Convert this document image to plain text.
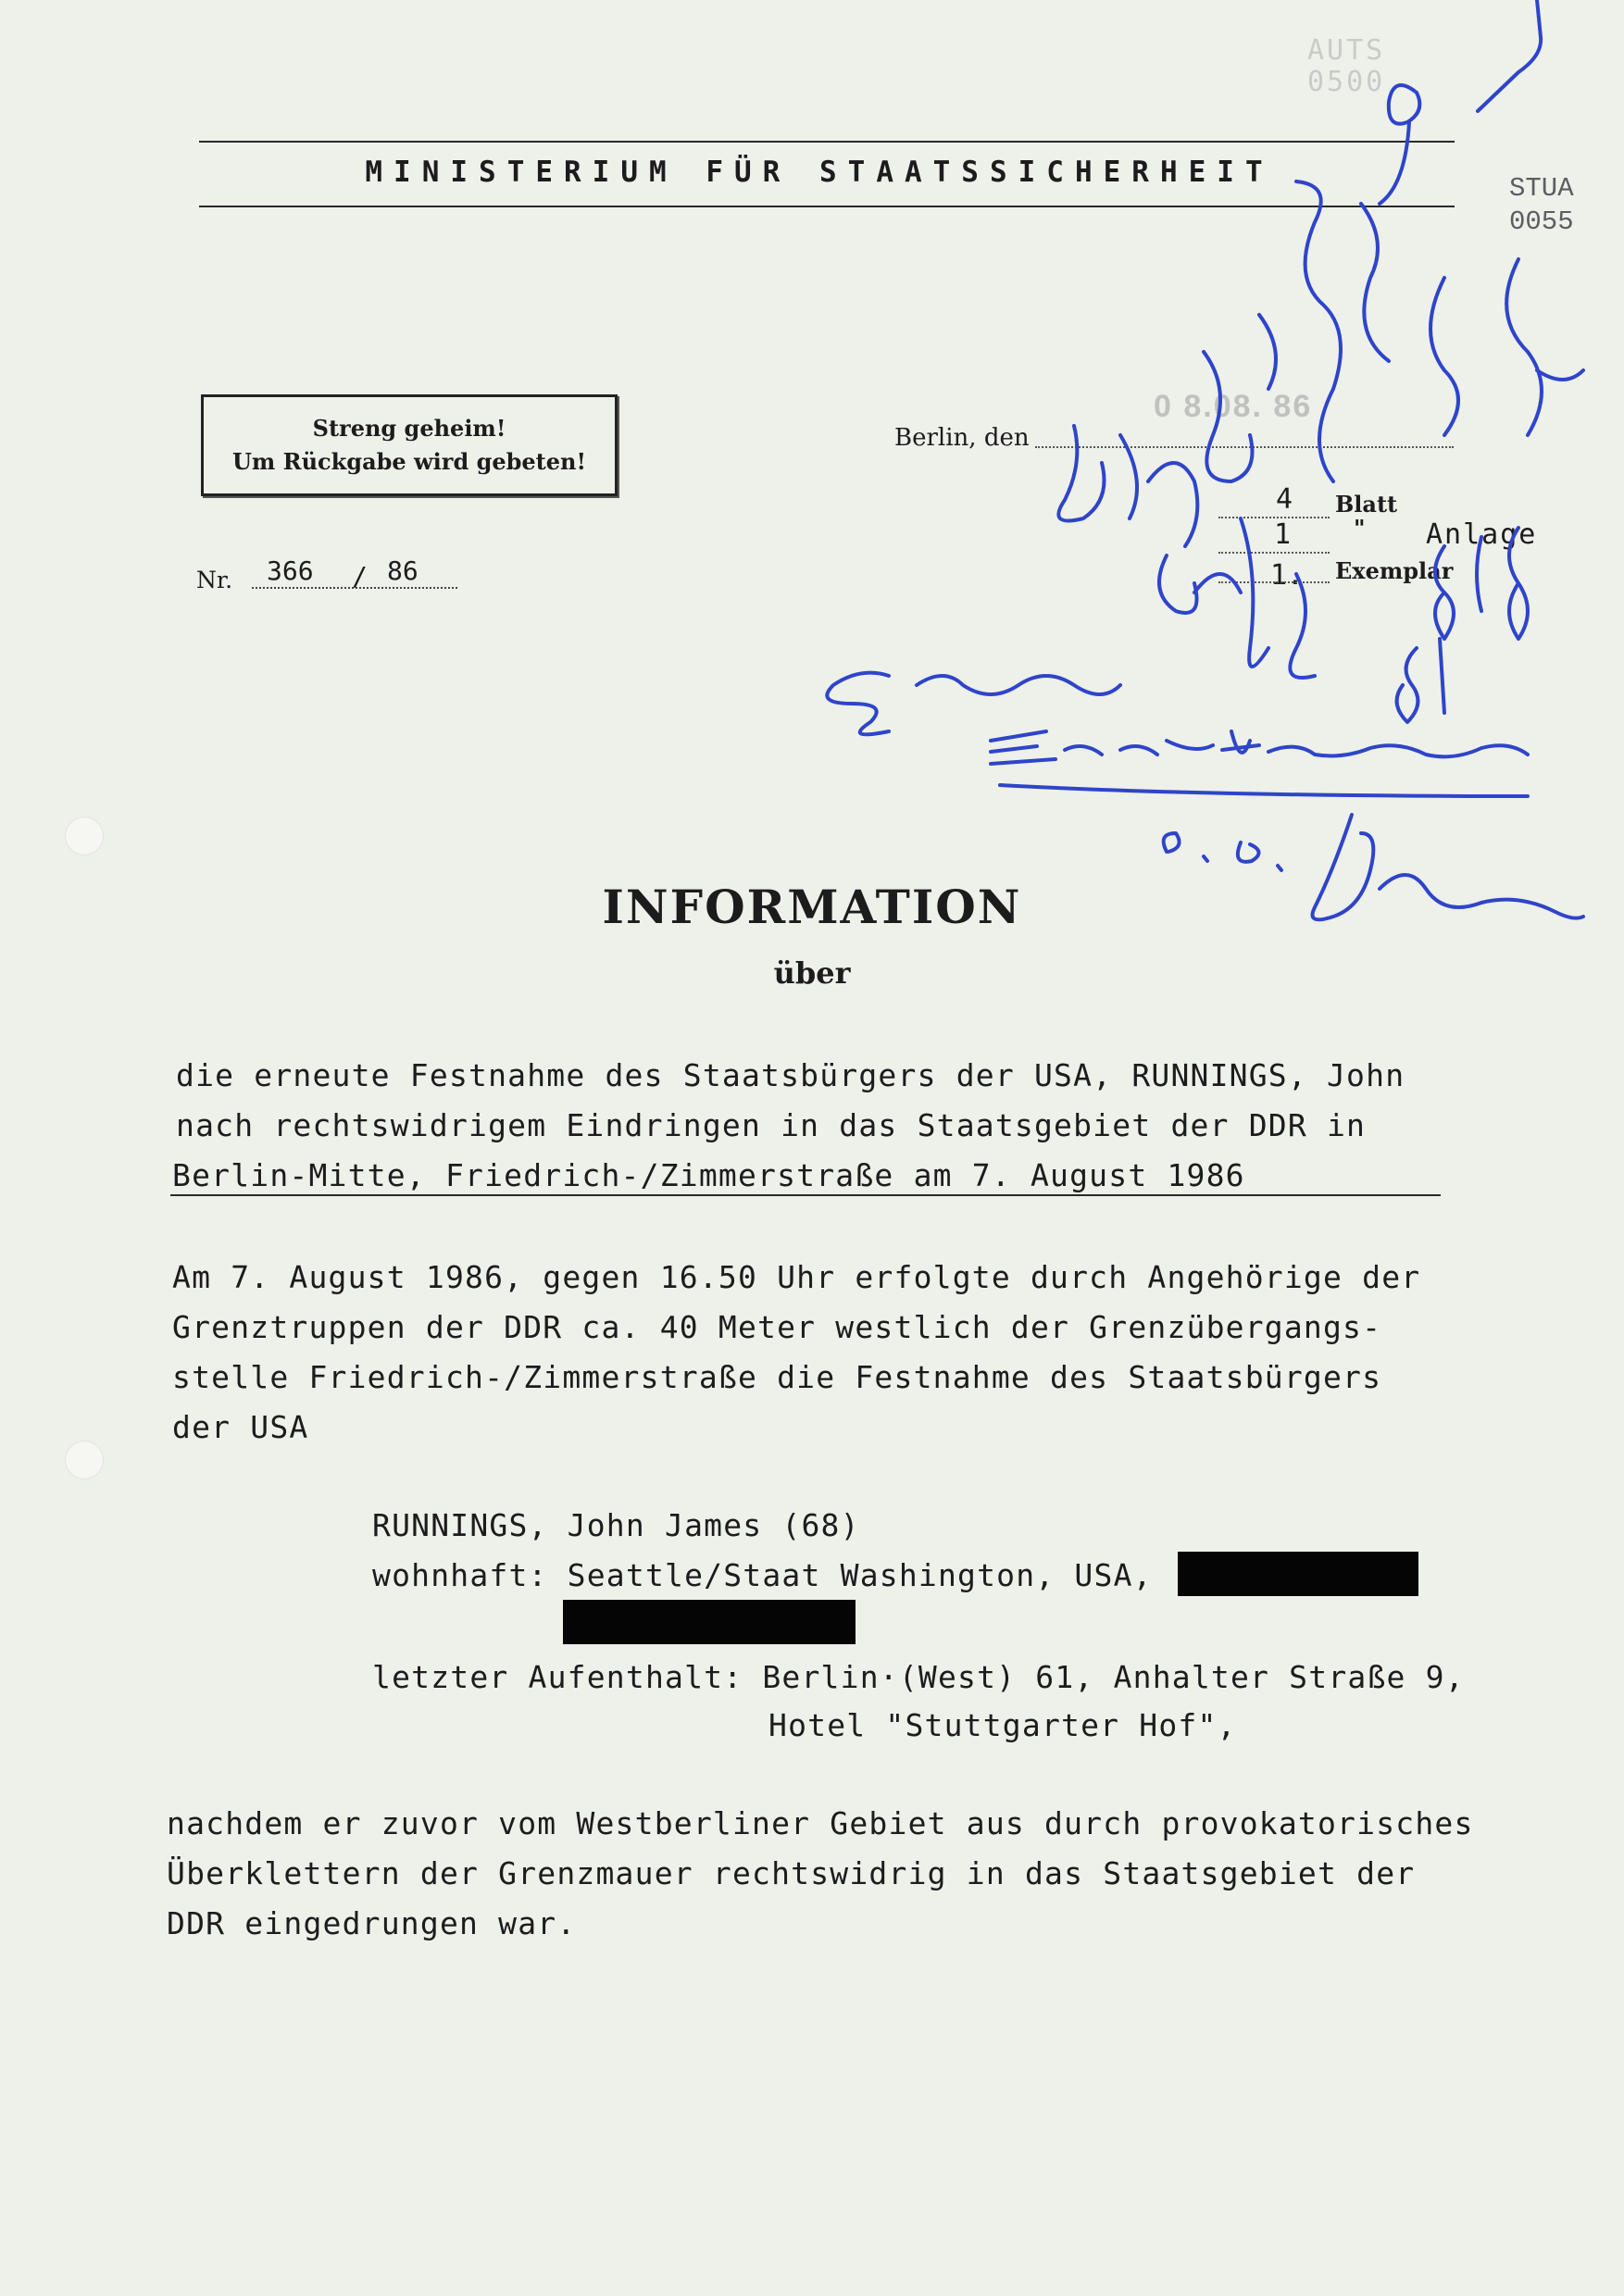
MINISTERIUM FÜR STAATSSICHERHEIT
AUTS
0500
STUA
0055
Streng geheim!
Um Rückgabe wird gebeten!
Nr. 366 / 86
Berlin, den
0 8.08. 86
4 Blatt
1	" Anlage
1. Exemplar
INFORMATION
über
die erneute Festnahme des Staatsbürgers der USA, RUNNINGS, John
nach rechtswidrigem Eindringen in das Staatsgebiet der DDR in
Berlin-Mitte, Friedrich-/Zimmerstraße am 7. August 1986
Am 7. August 1986, gegen 16.50 Uhr erfolgte durch Angehörige der
Grenztruppen der DDR ca. 40 Meter westlich der Grenzübergangs-
stelle Friedrich-/Zimmerstraße die Festnahme des Staatsbürgers
der USA
RUNNINGS, John James (68)
wohnhaft: Seattle/Staat Washington, USA,
letzter Aufenthalt: Berlin·(West) 61, Anhalter Straße 9,
Hotel "Stuttgarter Hof",
nachdem er zuvor vom Westberliner Gebiet aus durch provokatorisches
Überklettern der Grenzmauer rechtswidrig in das Staatsgebiet der
DDR eingedrungen war.
